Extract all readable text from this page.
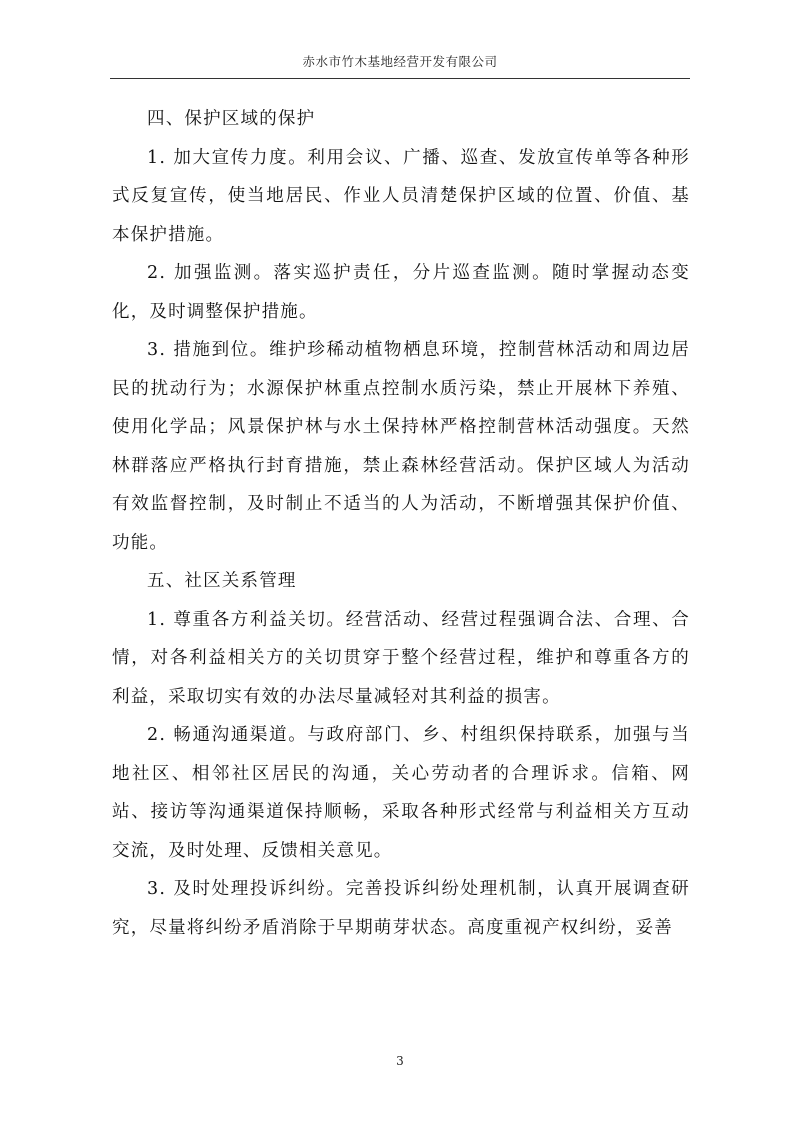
赤水市竹木基地经营开发有限公司

四、保护区域的保护

1. 加大宣传力度。利用会议、广播、巡查、发放宣传单等各种形式反复宣传，使当地居民、作业人员清楚保护区域的位置、价值、基本保护措施。

2. 加强监测。落实巡护责任，分片巡查监测。随时掌握动态变化，及时调整保护措施。

3. 措施到位。维护珍稀动植物栖息环境，控制营林活动和周边居民的扰动行为；水源保护林重点控制水质污染，禁止开展林下养殖、使用化学品；风景保护林与水土保持林严格控制营林活动强度。天然林群落应严格执行封育措施，禁止森林经营活动。保护区域人为活动有效监督控制，及时制止不适当的人为活动，不断增强其保护价值、功能。

五、社区关系管理

1. 尊重各方利益关切。经营活动、经营过程强调合法、合理、合情，对各利益相关方的关切贯穿于整个经营过程，维护和尊重各方的利益，采取切实有效的办法尽量减轻对其利益的损害。

2. 畅通沟通渠道。与政府部门、乡、村组织保持联系，加强与当地社区、相邻社区居民的沟通，关心劳动者的合理诉求。信箱、网站、接访等沟通渠道保持顺畅，采取各种形式经常与利益相关方互动交流，及时处理、反馈相关意见。

3. 及时处理投诉纠纷。完善投诉纠纷处理机制，认真开展调查研究，尽量将纠纷矛盾消除于早期萌芽状态。高度重视产权纠纷，妥善

3
